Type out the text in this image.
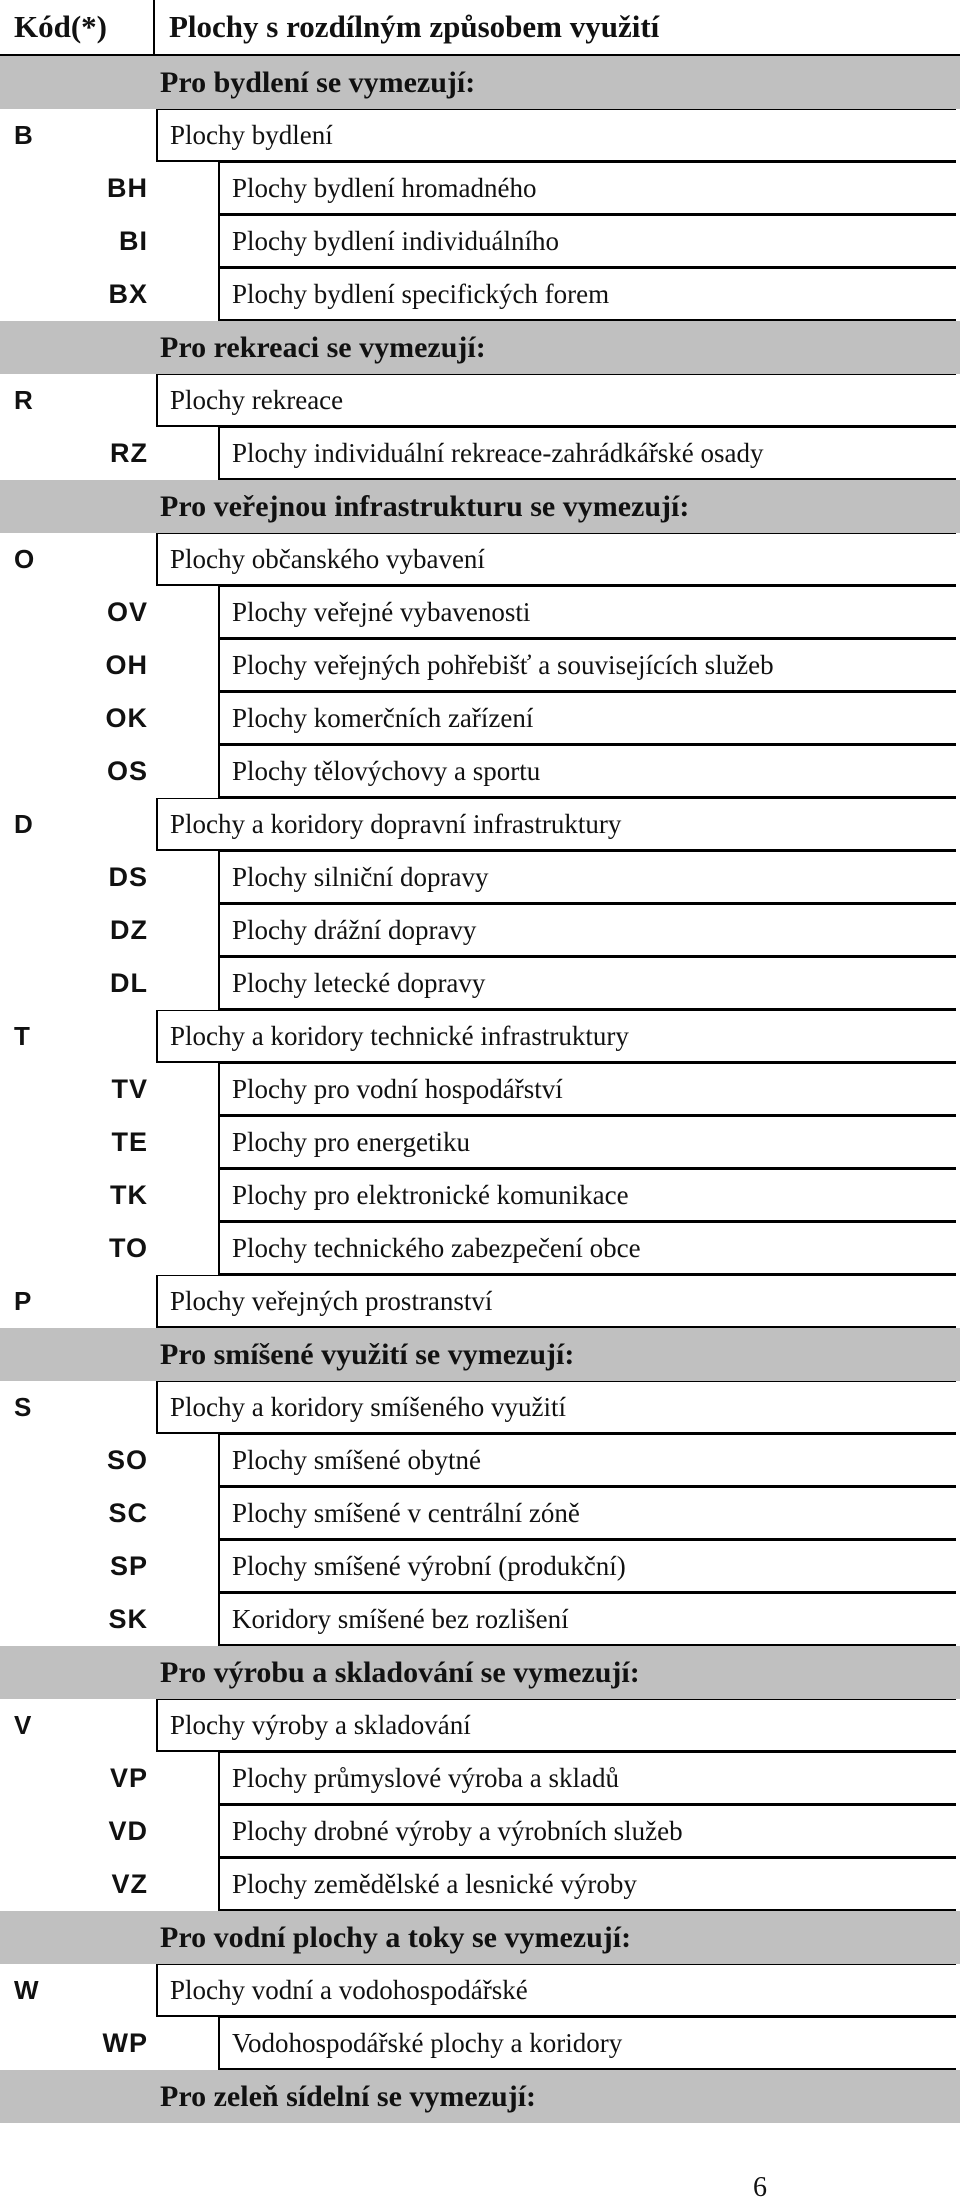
Kód(*)	Plochy s rozdílným způsobem využití
Pro bydlení se vymezují:
B	Plochy bydlení
BH	Plochy bydlení hromadného
BI	Plochy bydlení individuálního
BX	Plochy bydlení specifických forem
Pro rekreaci se vymezují:
R	Plochy rekreace
RZ	Plochy individuální rekreace-zahrádkářské osady
Pro veřejnou infrastrukturu se vymezují:
O	Plochy občanského vybavení
OV	Plochy veřejné vybavenosti
OH	Plochy veřejných pohřebišť a souvisejících služeb
OK	Plochy komerčních zařízení
OS	Plochy tělovýchovy a sportu
D	Plochy a koridory dopravní infrastruktury
DS	Plochy silniční dopravy
DZ	Plochy drážní dopravy
DL	Plochy letecké dopravy
T	Plochy a koridory technické infrastruktury
TV	Plochy pro vodní hospodářství
TE	Plochy pro energetiku
TK	Plochy pro elektronické komunikace
TO	Plochy technického zabezpečení obce
P	Plochy veřejných prostranství
Pro smíšené využití se vymezují:
S	Plochy a koridory smíšeného využití
SO	Plochy smíšené obytné
SC	Plochy smíšené v centrální zóně
SP	Plochy smíšené výrobní (produkční)
SK	Koridory smíšené bez rozlišení
Pro výrobu a skladování se vymezují:
V	Plochy výroby a skladování
VP	Plochy průmyslové výroba a skladů
VD	Plochy drobné výroby a výrobních služeb
VZ	Plochy zemědělské a lesnické výroby
Pro vodní plochy a toky se vymezují:
W	Plochy vodní a vodohospodářské
WP	Vodohospodářské plochy a koridory
Pro zeleň sídelní se vymezují:
6
